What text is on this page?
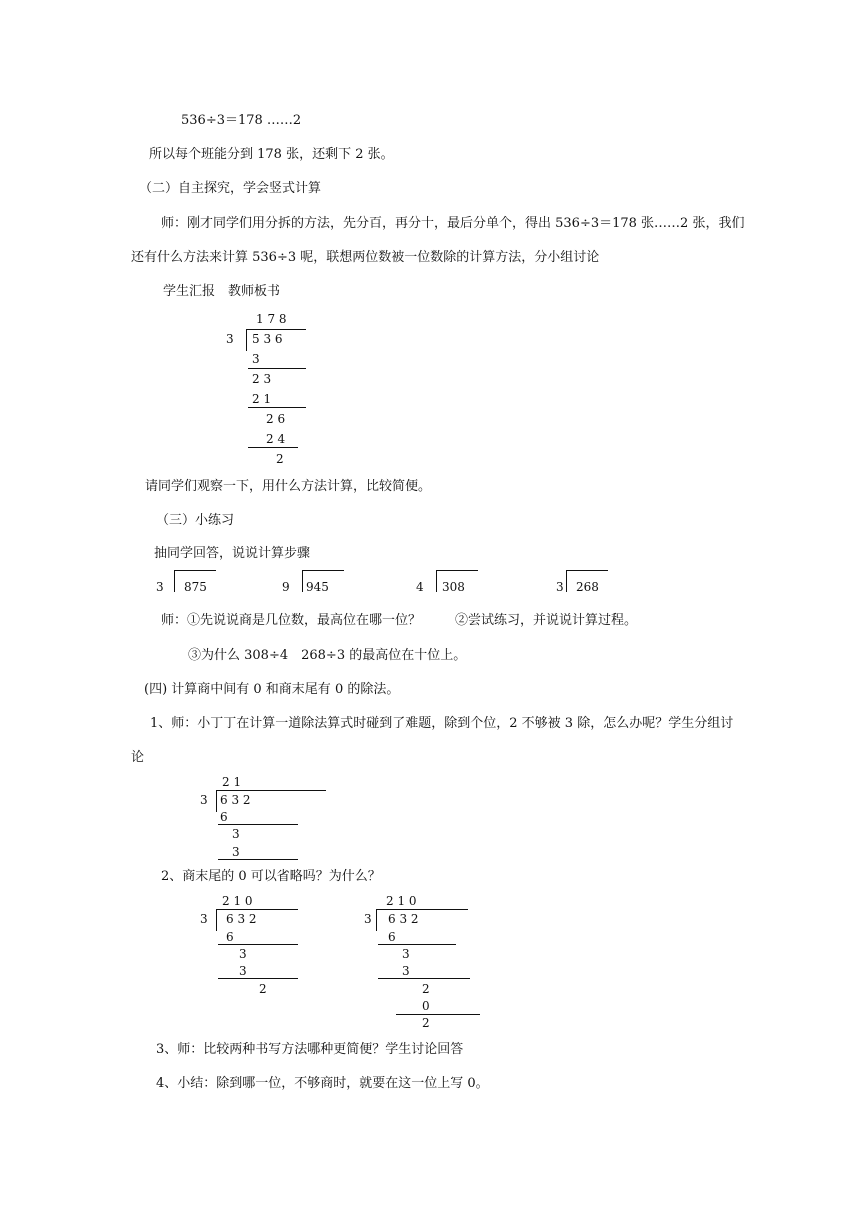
536÷3＝178 ……2
所以每个班能分到 178 张，还剩下 2 张。
（二）自主探究，学会竖式计算
师：刚才同学们用分拆的方法，先分百，再分十，最后分单个，得出 536÷3＝178 张……2 张，我们
还有什么方法来计算 536÷3 呢，联想两位数被一位数除的计算方法，分小组讨论
学生汇报　教师板书
1 7 8
3 5 3 6
3
2 3
2 1
2 6
2 4
2
请同学们观察一下，用什么方法计算，比较简便。
（三）小练习
抽同学回答，说说计算步骤
3 875	9 945	4 308	3 268
师：①先说说商是几位数，最高位在哪一位？	②尝试练习，并说说计算过程。
③为什么 308÷4　268÷3 的最高位在十位上。
(四) 计算商中间有 0 和商末尾有 0 的除法。
1、师：小丁丁在计算一道除法算式时碰到了难题，除到个位，2 不够被 3 除，怎么办呢？学生分组讨
论
2 1
3 6 3 2
6
3
3
2、商末尾的 0 可以省略吗？为什么？
2 1 0
3 6 3 2
6
3
3
2
2 1 0
3 6 3 2
6
3
3
2
0
2
3、师：比较两种书写方法哪种更简便？学生讨论回答
4、小结：除到哪一位，不够商时，就要在这一位上写 0。
